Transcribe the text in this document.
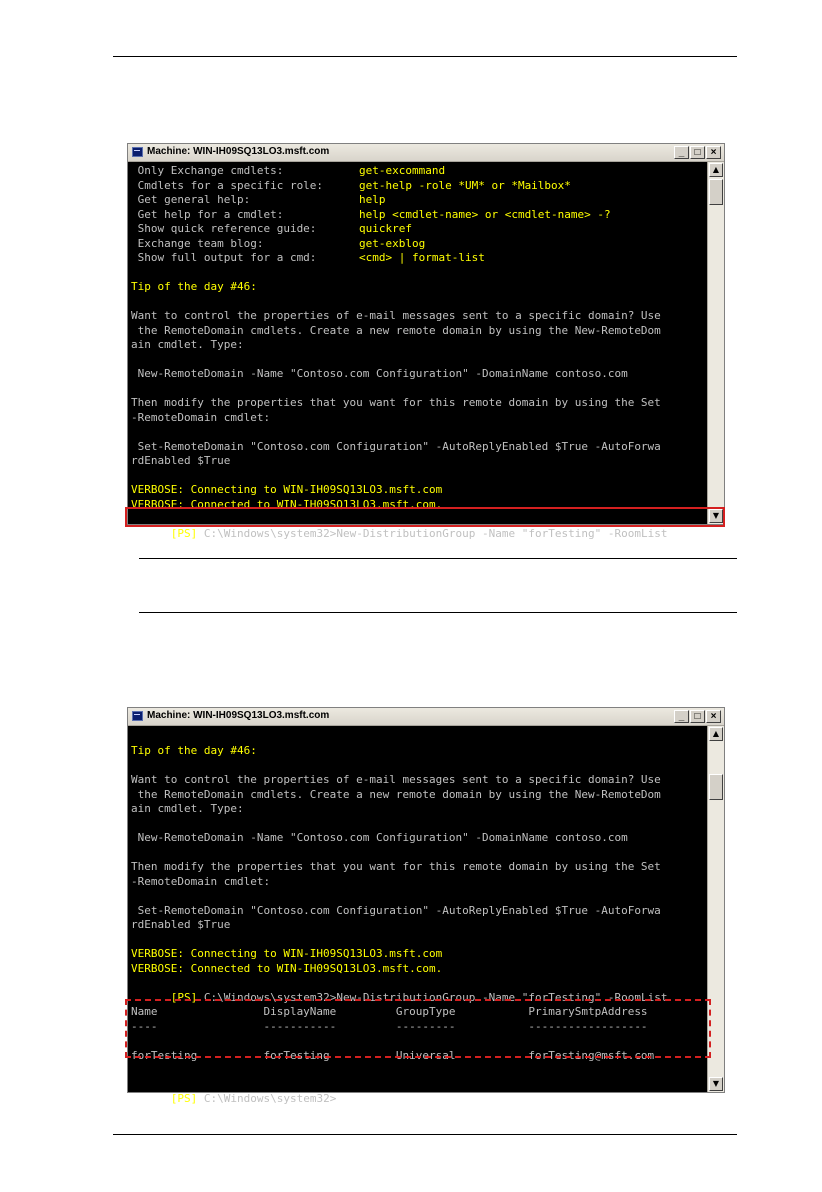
Machine: WIN-IH09SQ13LO3.msft.com	_	□	×
Only Exchange cmdlets:	get-excommand
Cmdlets for a specific role:	get-help -role *UM* or *Mailbox*
Get general help:	help
Get help for a cmdlet:	help <cmdlet-name> or <cmdlet-name> -?
Show quick reference guide:	quickref
Exchange team blog:	get-exblog
Show full output for a cmd:	<cmd> | format-list
Tip of the day #46:
Want to control the properties of e-mail messages sent to a specific domain? Use
the RemoteDomain cmdlets. Create a new remote domain by using the New-RemoteDom
ain cmdlet. Type:
New-RemoteDomain -Name "Contoso.com Configuration" -DomainName contoso.com
Then modify the properties that you want for this remote domain by using the Set
-RemoteDomain cmdlet:
Set-RemoteDomain "Contoso.com Configuration" -AutoReplyEnabled $True -AutoForwa
rdEnabled $True
VERBOSE: Connecting to WIN-IH09SQ13LO3.msft.com
VERBOSE: Connected to WIN-IH09SQ13LO3.msft.com.

[PS] C:\Windows\system32>New-DistributionGroup -Name "forTesting" -RoomList

▲
▼
Machine: WIN-IH09SQ13LO3.msft.com	_	□	×
Tip of the day #46:
Want to control the properties of e-mail messages sent to a specific domain? Use
the RemoteDomain cmdlets. Create a new remote domain by using the New-RemoteDom
ain cmdlet. Type:
New-RemoteDomain -Name "Contoso.com Configuration" -DomainName contoso.com
Then modify the properties that you want for this remote domain by using the Set
-RemoteDomain cmdlet:
Set-RemoteDomain "Contoso.com Configuration" -AutoReplyEnabled $True -AutoForwa
rdEnabled $True
VERBOSE: Connecting to WIN-IH09SQ13LO3.msft.com
VERBOSE: Connected to WIN-IH09SQ13LO3.msft.com.

[PS] C:\Windows\system32>New-DistributionGroup -Name "forTesting" -RoomList

Name                DisplayName         GroupType           PrimarySmtpAddress
----                -----------         ---------           ------------------
forTesting          forTesting          Universal           forTesting@msft.com

[PS] C:\Windows\system32>

▲
▼
